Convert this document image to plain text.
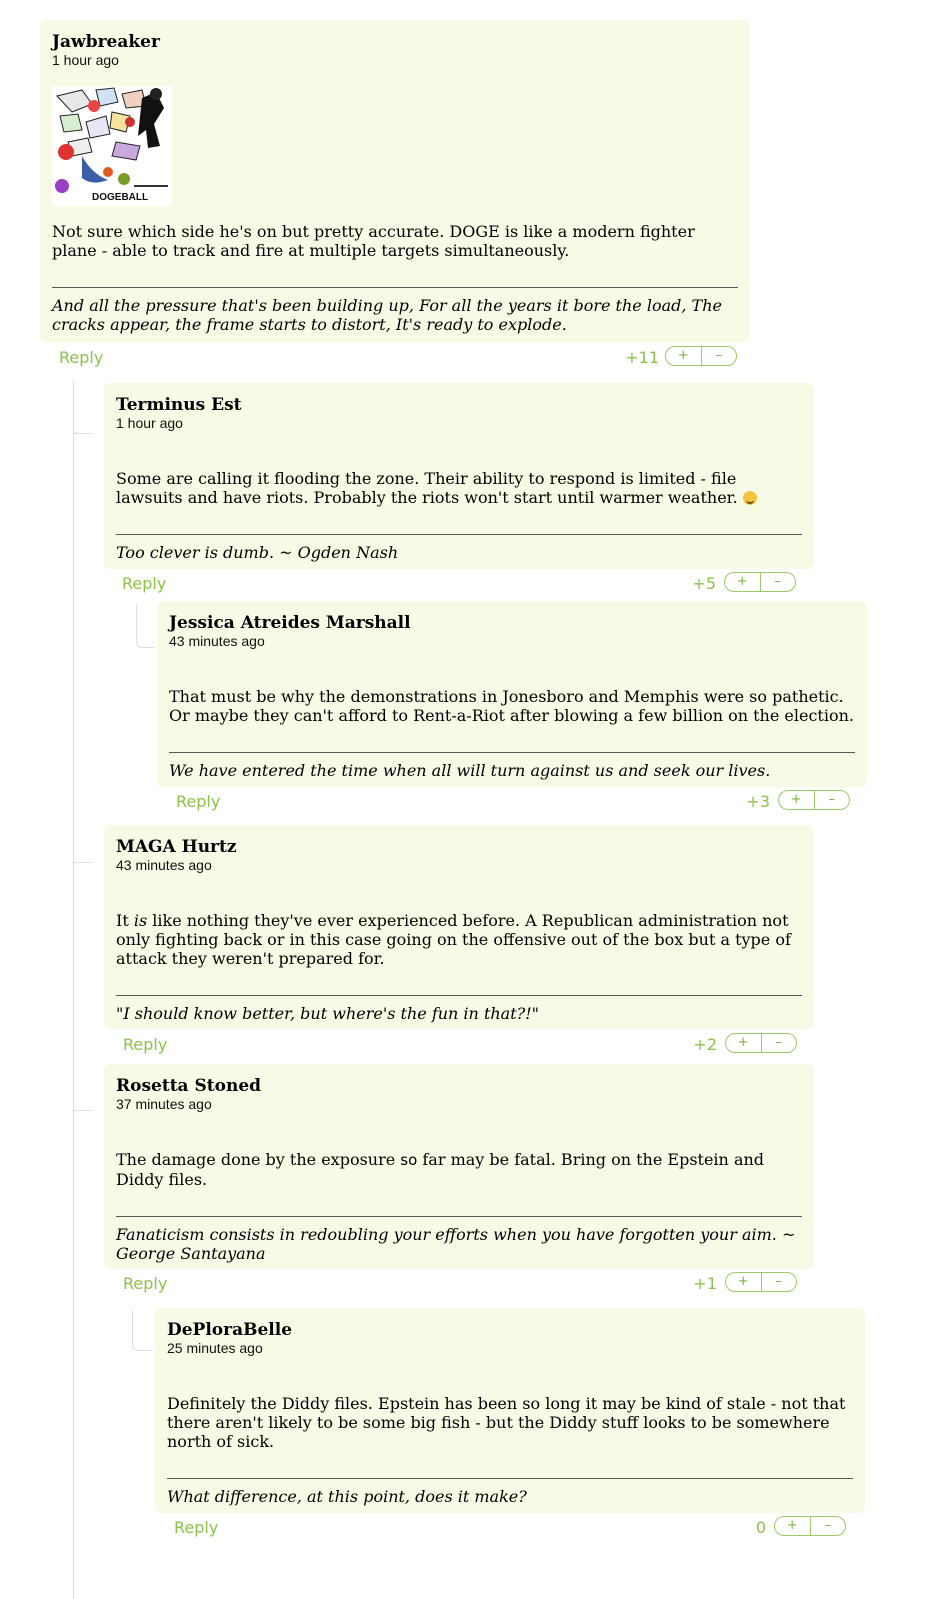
Jawbreaker
1 hour ago
DOGEBALL
Not sure which side he's on but pretty accurate. DOGE is like a modern fighter plane - able to track and fire at multiple targets simultaneously.
And all the pressure that's been building up, For all the years it bore the load, The cracks appear, the frame starts to distort, It's ready to explode.
Reply	+11	+	–
Terminus Est
1 hour ago
Some are calling it flooding the zone. Their ability to respond is limited - file lawsuits and have riots. Probably the riots won't start until warmer weather.
Too clever is dumb. ~ Ogden Nash
Reply	+5	+	–
Jessica Atreides Marshall
43 minutes ago
That must be why the demonstrations in Jonesboro and Memphis were so pathetic. Or maybe they can't afford to Rent-a-Riot after blowing a few billion on the election.
We have entered the time when all will turn against us and seek our lives.
Reply	+3	+	–
MAGA Hurtz
43 minutes ago
It is like nothing they've ever experienced before. A Republican administration not only fighting back or in this case going on the offensive out of the box but a type of attack they weren't prepared for.
"I should know better, but where's the fun in that?!"
Reply	+2	+	–
Rosetta Stoned
37 minutes ago
The damage done by the exposure so far may be fatal. Bring on the Epstein and Diddy files.
Fanaticism consists in redoubling your efforts when you have forgotten your aim. ~ George Santayana
Reply	+1	+	–
DePloraBelle
25 minutes ago
Definitely the Diddy files. Epstein has been so long it may be kind of stale - not that there aren't likely to be some big fish - but the Diddy stuff looks to be somewhere north of sick.
What difference, at this point, does it make?
Reply	0	+	–
